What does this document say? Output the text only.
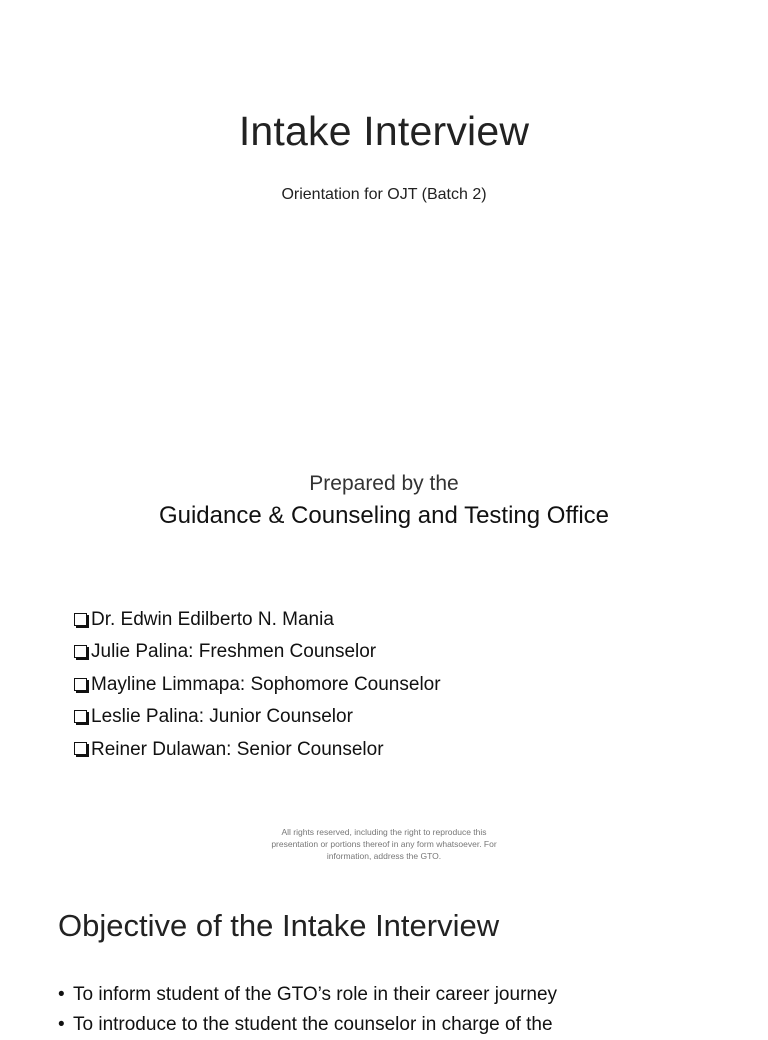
Intake Interview
Orientation for OJT (Batch 2)
Prepared by the
Guidance & Counseling and Testing Office
Dr. Edwin Edilberto N. Mania
Julie Palina: Freshmen Counselor
Mayline Limmapa: Sophomore Counselor
Leslie Palina: Junior Counselor
Reiner Dulawan: Senior Counselor
All rights reserved, including the right to reproduce this
presentation or portions thereof in any form whatsoever. For
information, address the GTO.
Objective of the Intake Interview
• To inform student of the GTO’s role in their career journey
• To introduce to the student the counselor in charge of the
